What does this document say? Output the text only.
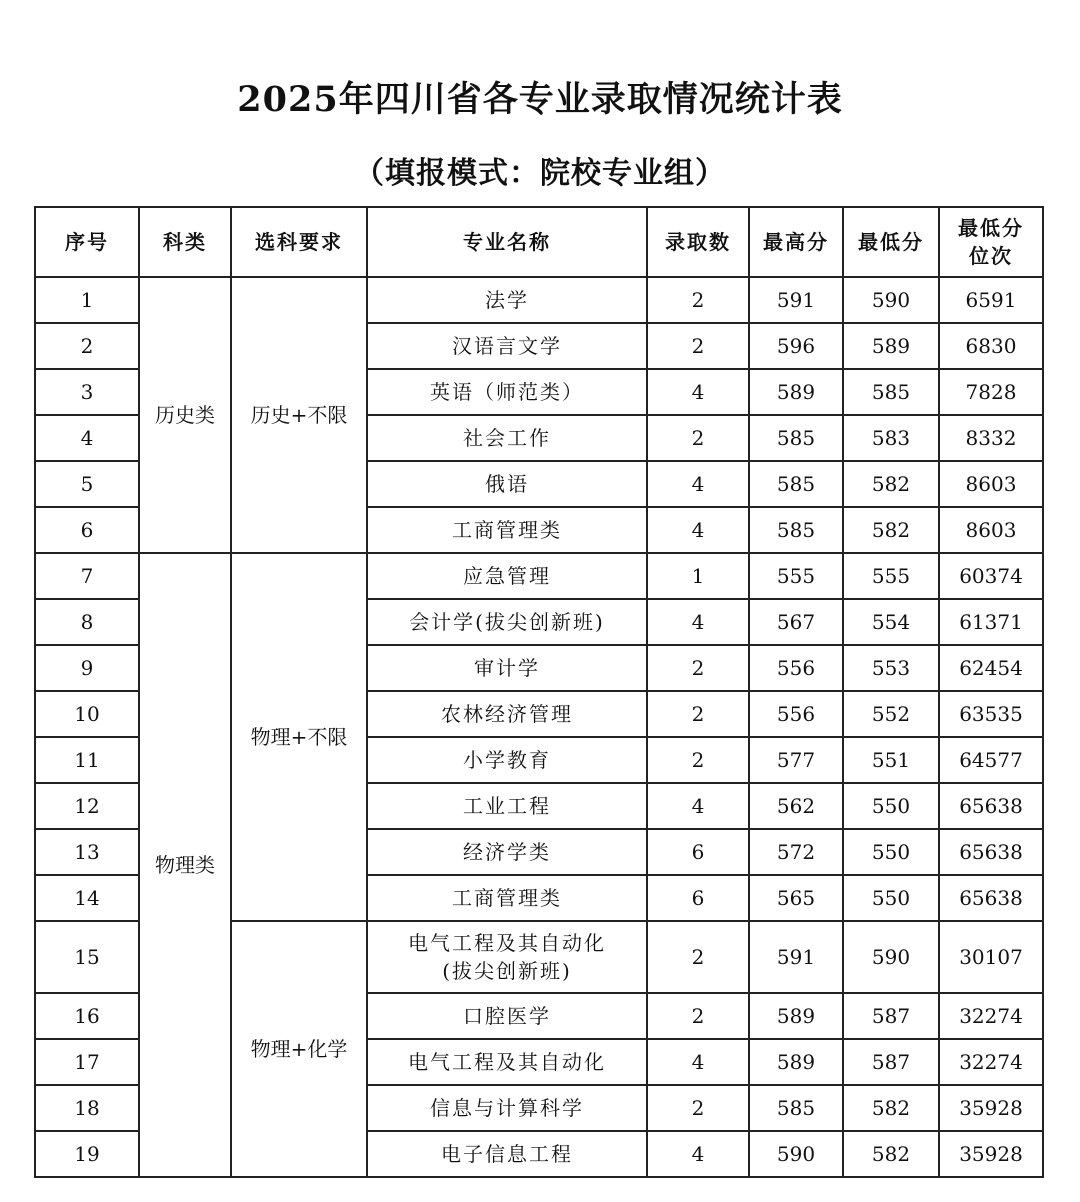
2025年四川省各专业录取情况统计表
（填报模式：院校专业组）
序号	科类	选科要求	专业名称	录取数	最高分	最低分	最低分
位次

1	历史类	历史+不限	法学	2	591	590	6591
2			汉语言文学	2	596	589	6830
3			英语（师范类）	4	589	585	7828
4			社会工作	2	585	583	8332
5			俄语	4	585	582	8603
6			工商管理类	4	585	582	8603
7	物理类	物理+不限	应急管理	1	555	555	60374
8			会计学(拔尖创新班)	4	567	554	61371
9			审计学	2	556	553	62454
10			农林经济管理	2	556	552	63535
11			小学教育	2	577	551	64577
12			工业工程	4	562	550	65638
13			经济学类	6	572	550	65638
14			工商管理类	6	565	550	65638
15		物理+化学	电气工程及其自动化
(拔尖创新班)	2	591	590	30107
16			口腔医学	2	589	587	32274
17			电气工程及其自动化	4	589	587	32274
18			信息与计算科学	2	585	582	35928
19			电子信息工程	4	590	582	35928
